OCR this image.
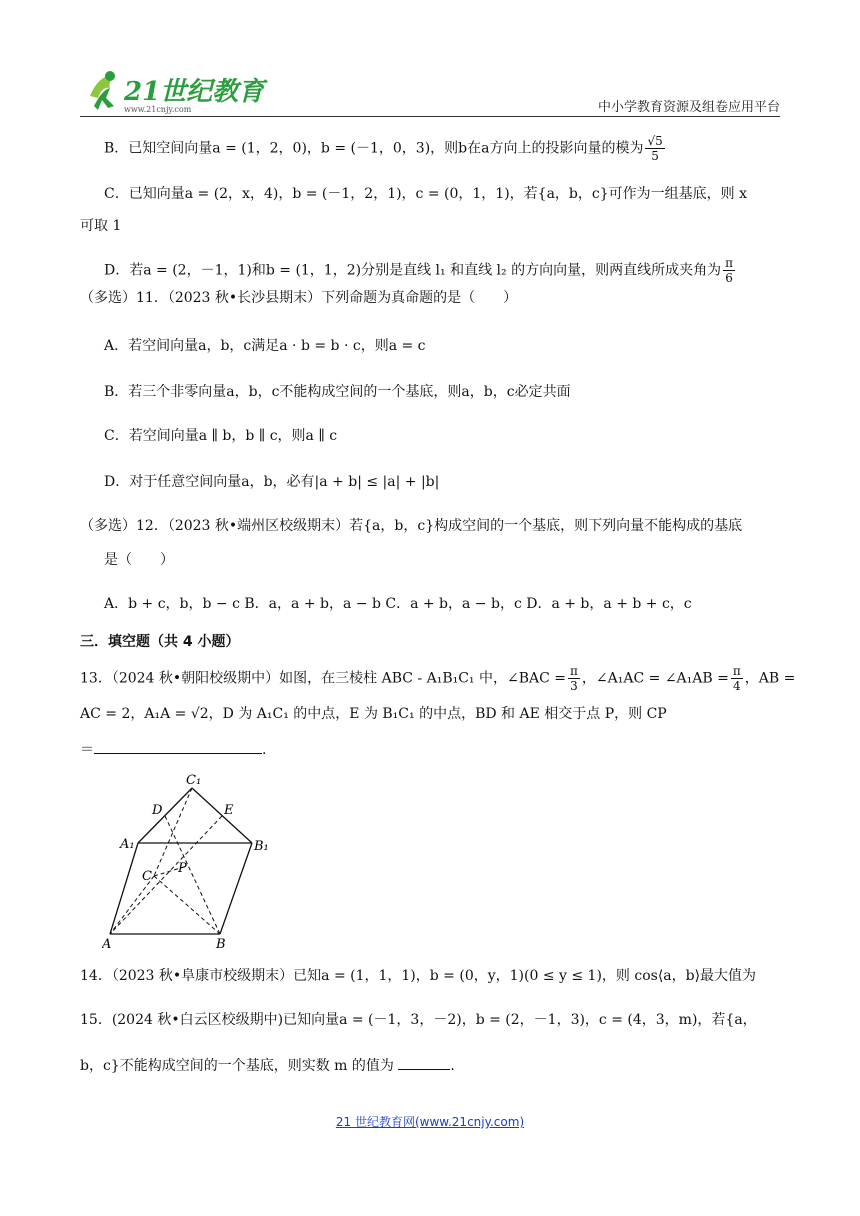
21世纪教育
www.21cnjy.com	中小学教育资源及组卷应用平台
B．已知空间向量a = (1，2，0)，b = (－1，0，3)，则b在a方向上的投影向量的模为 $\frac{√5}{5}$
C．已知向量a = (2，x，4)，b = (－1，2，1)，c = (0，1，1)，若{a，b，c}可作为一组基底，则 x
可取 1
D．若a = (2，－1，1)和b = (1，1，2)分别是直线 l₁ 和直线 l₂ 的方向向量，则两直线所成夹角为 $\frac{\pi}{6}$
（多选）11．（2023 秋•长沙县期末）下列命题为真命题的是（　　）
A．若空间向量a，b，c满足a · b = b · c，则a = c
B．若三个非零向量a，b，c不能构成空间的一个基底，则a，b，c必定共面
C．若空间向量a ∥ b，b ∥ c，则a ∥ c
D．对于任意空间向量a，b，必有|a + b| ≤ |a| + |b|
（多选）12．（2023 秋•端州区校级期末）若{a，b，c}构成空间的一个基底，则下列向量不能构成的基底
是（　　）
A．b + c，b，b − c B．a，a + b，a − b C．a + b，a − b，c D．a + b，a + b + c，c
三．填空题（共 4 小题）
13．（2024 秋•朝阳校级期中）如图，在三棱柱 ABC - A₁B₁C₁ 中，∠BAC = $\frac{\pi}{3}$ ，∠A₁AC = ∠A₁AB = $\frac{\pi}{4}$ ，AB =
AC = 2，A₁A = √2，D 为 A₁C₁ 的中点，E 为 B₁C₁ 的中点，BD 和 AE 相交于点 P，则 CP
＝	.
C₁
D	E
A₁	B₁
C
P
A	B
14．（2023 秋•阜康市校级期末）已知a = (1，1，1)，b = (0，y，1)(0 ≤ y ≤ 1)，则 cos⟨a，b⟩最大值为
15．(2024 秋•白云区校级期中)已知向量a = (－1，3，－2)，b = (2，－1，3)，c = (4，3，m)，若{a，
b，c}不能构成空间的一个基底，则实数 m 的值为	.
21 世纪教育网(www.21cnjy.com)
